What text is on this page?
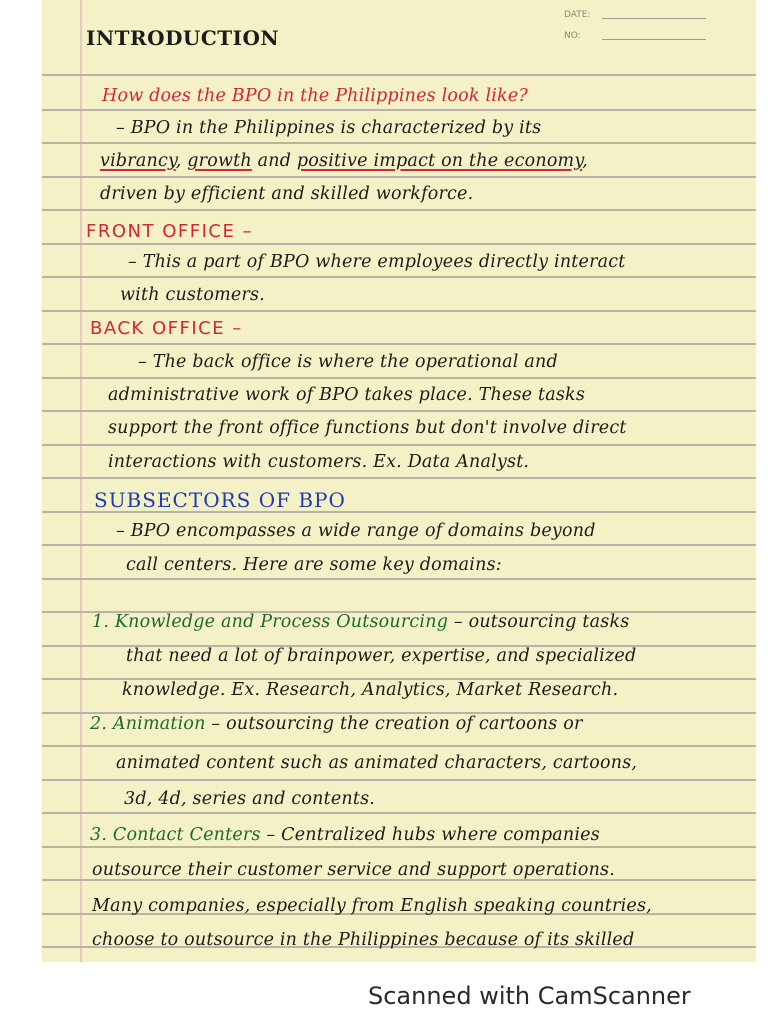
DATE:
NO:
INTRODUCTION
How does the BPO in the Philippines look like?
– BPO in the Philippines is characterized by its
vibrancy, growth and positive impact on the economy,
driven by efficient and skilled workforce.
FRONT OFFICE –
– This a part of BPO where employees directly interact
with customers.
BACK OFFICE –
– The back office is where the operational and
administrative work of BPO takes place. These tasks
support the front office functions but don't involve direct
interactions with customers. Ex. Data Analyst.
SUBSECTORS OF BPO
– BPO encompasses a wide range of domains beyond
call centers. Here are some key domains:
1. Knowledge and Process Outsourcing – outsourcing tasks
that need a lot of brainpower, expertise, and specialized
knowledge. Ex. Research, Analytics, Market Research.
2. Animation – outsourcing the creation of cartoons or
animated content such as animated characters, cartoons,
3d, 4d, series and contents.
3. Contact Centers – Centralized hubs where companies
outsource their customer service and support operations.
Many companies, especially from English speaking countries,
choose to outsource in the Philippines because of its skilled
Scanned with CamScanner
